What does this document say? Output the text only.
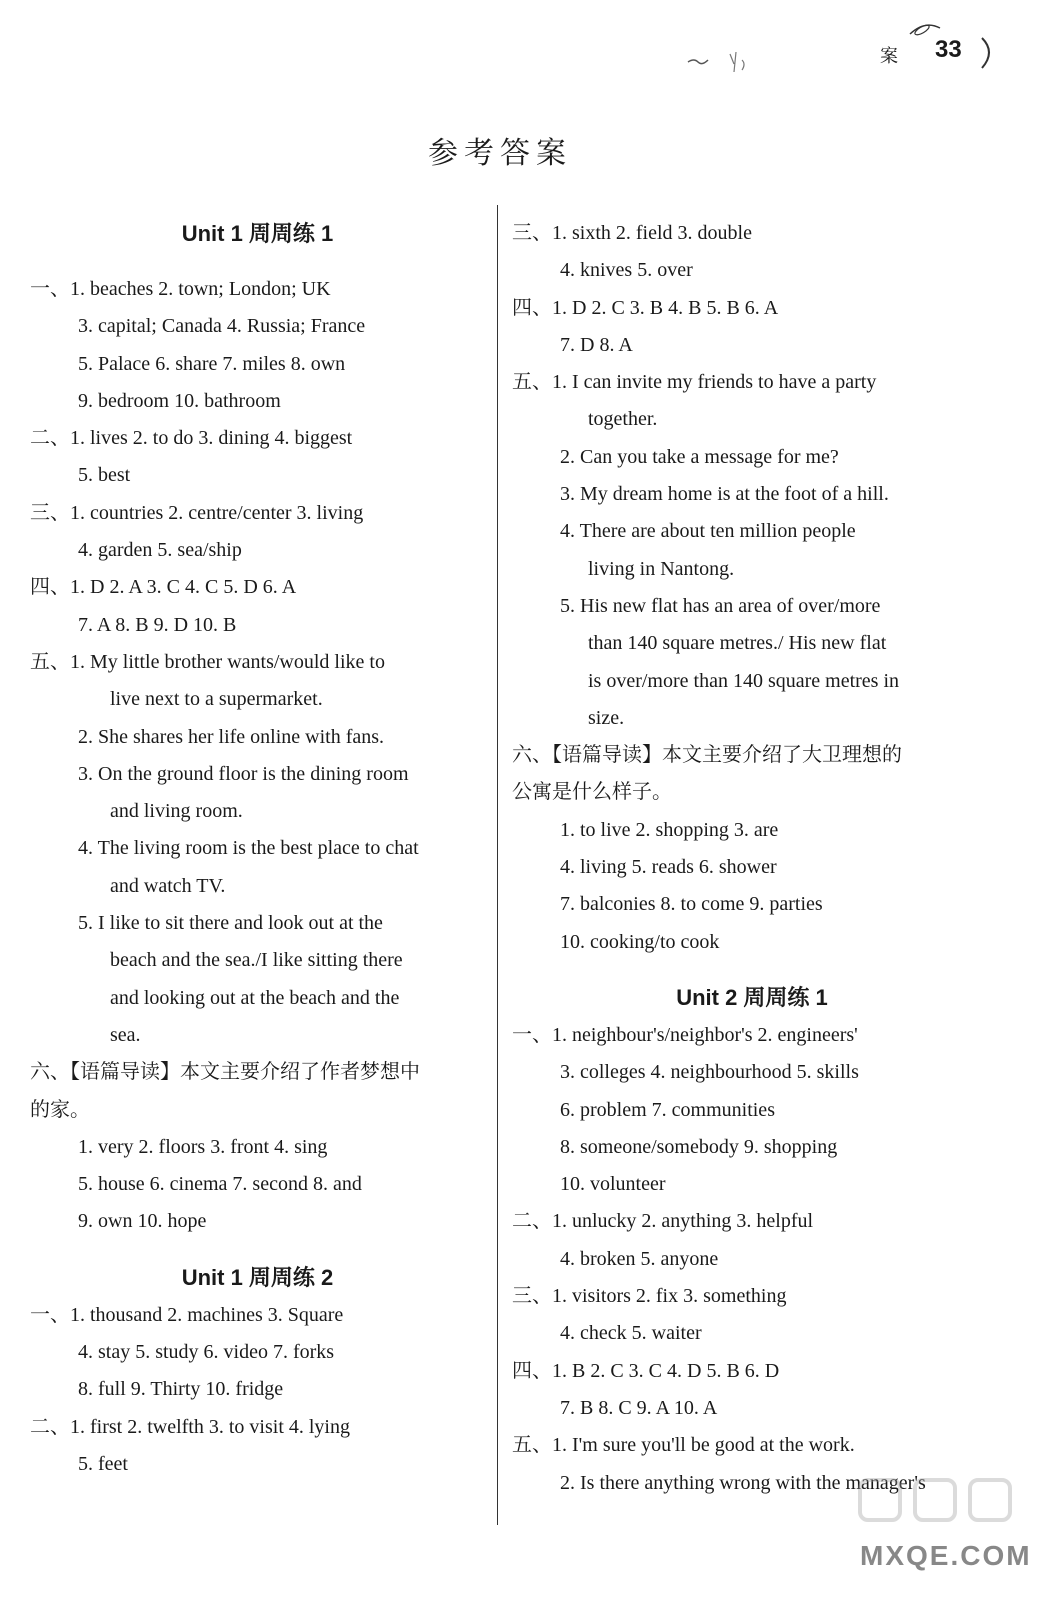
案 33
参考答案
Unit 1 周周练 1
一、1. beaches 2. town; London; UK
3. capital; Canada 4. Russia; France
5. Palace 6. share 7. miles 8. own
9. bedroom 10. bathroom
二、1. lives 2. to do 3. dining 4. biggest
5. best
三、1. countries 2. centre/center 3. living
4. garden 5. sea/ship
四、1. D 2. A 3. C 4. C 5. D 6. A
7. A 8. B 9. D 10. B
五、1. My little brother wants/would like to
live next to a supermarket.
2. She shares her life online with fans.
3. On the ground floor is the dining room
and living room.
4. The living room is the best place to chat
and watch TV.
5. I like to sit there and look out at the
beach and the sea./I like sitting there
and looking out at the beach and the
sea.
六、【语篇导读】本文主要介绍了作者梦想中
的家。
1. very 2. floors 3. front 4. sing
5. house 6. cinema 7. second 8. and
9. own 10. hope
Unit 1 周周练 2
一、1. thousand 2. machines 3. Square
4. stay 5. study 6. video 7. forks
8. full 9. Thirty 10. fridge
二、1. first 2. twelfth 3. to visit 4. lying
5. feet
三、1. sixth 2. field 3. double
4. knives 5. over
四、1. D 2. C 3. B 4. B 5. B 6. A
7. D 8. A
五、1. I can invite my friends to have a party
together.
2. Can you take a message for me?
3. My dream home is at the foot of a hill.
4. There are about ten million people
living in Nantong.
5. His new flat has an area of over/more
than 140 square metres./ His new flat
is over/more than 140 square metres in
size.
六、【语篇导读】本文主要介绍了大卫理想的
公寓是什么样子。
1. to live 2. shopping 3. are
4. living 5. reads 6. shower
7. balconies 8. to come 9. parties
10. cooking/to cook
Unit 2 周周练 1
一、1. neighbour's/neighbor's 2. engineers'
3. colleges 4. neighbourhood 5. skills
6. problem 7. communities
8. someone/somebody 9. shopping
10. volunteer
二、1. unlucky 2. anything 3. helpful
4. broken 5. anyone
三、1. visitors 2. fix 3. something
4. check 5. waiter
四、1. B 2. C 3. C 4. D 5. B 6. D
7. B 8. C 9. A 10. A
五、1. I'm sure you'll be good at the work.
2. Is there anything wrong with the manager's
MXQE.COM
